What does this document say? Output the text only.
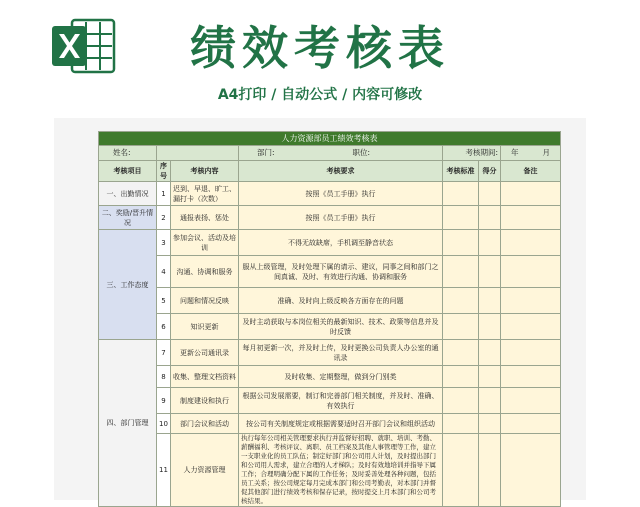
绩效考核表
A4打印 / 自动公式 / 内容可修改
人力资源部员工绩效考核表						
姓名:			部门: 职位:	考核期间:		年 月
考核项目	序号	考核内容	考核要求	考核标准	得分	备注
一、出勤情况	1	迟到、早退、旷工、漏打卡（次数）	按照《员工手册》执行			
二、奖励/晋升情况	2	通报表扬、惩处	按照《员工手册》执行			
三、工作态度	3	参加会议、活动及培训	不得无故缺席，手机调至静音状态			
	4	沟通、协调和服务	服从上级管理，及时处理下属的请示、建议，同事之间和部门之间真诚、及时、有效进行沟通、协调和服务			
	5	问题和情况反映	准确、及时向上级反映各方面存在的问题			
	6	知识更新	及时主动获取与本岗位相关的最新知识、技术、政策等信息并及时反馈			
四、部门管理	7	更新公司通讯录	每月初更新一次，并及时上传，及时更换公司负责人办公室的通讯录			
	8	收集、整理文档资料	及时收集、定期整理，做到分门别类			
	9	制度建设和执行	根据公司发展需要，制订和完善部门相关制度，并及时、准确、有效执行			
	10	部门会议和活动	按公司有关制度规定或根据需要适时召开部门会议和组织活动			
	11	人力资源管理	执行每年公司相关管理要求执行并监督好招聘、就职、培训、考勤、薪酬福利、考核评议、离职、员工档案及其他人事管理等工作，建立一支职业化的员工队伍；制定好部门和公司用人计划，及时提出部门和公司用人需求，建立合理的人才梯队；及时有效地培训并指导下属工作；合理明确分配下属的工作任务；及时妥善处理各种问题，包括员工关系；按公司规定每月完成本部门和公司考勤表，对本部门并督促其他部门进行绩效考核和保存记录，按时提交上月本部门和公司考核结果。			
